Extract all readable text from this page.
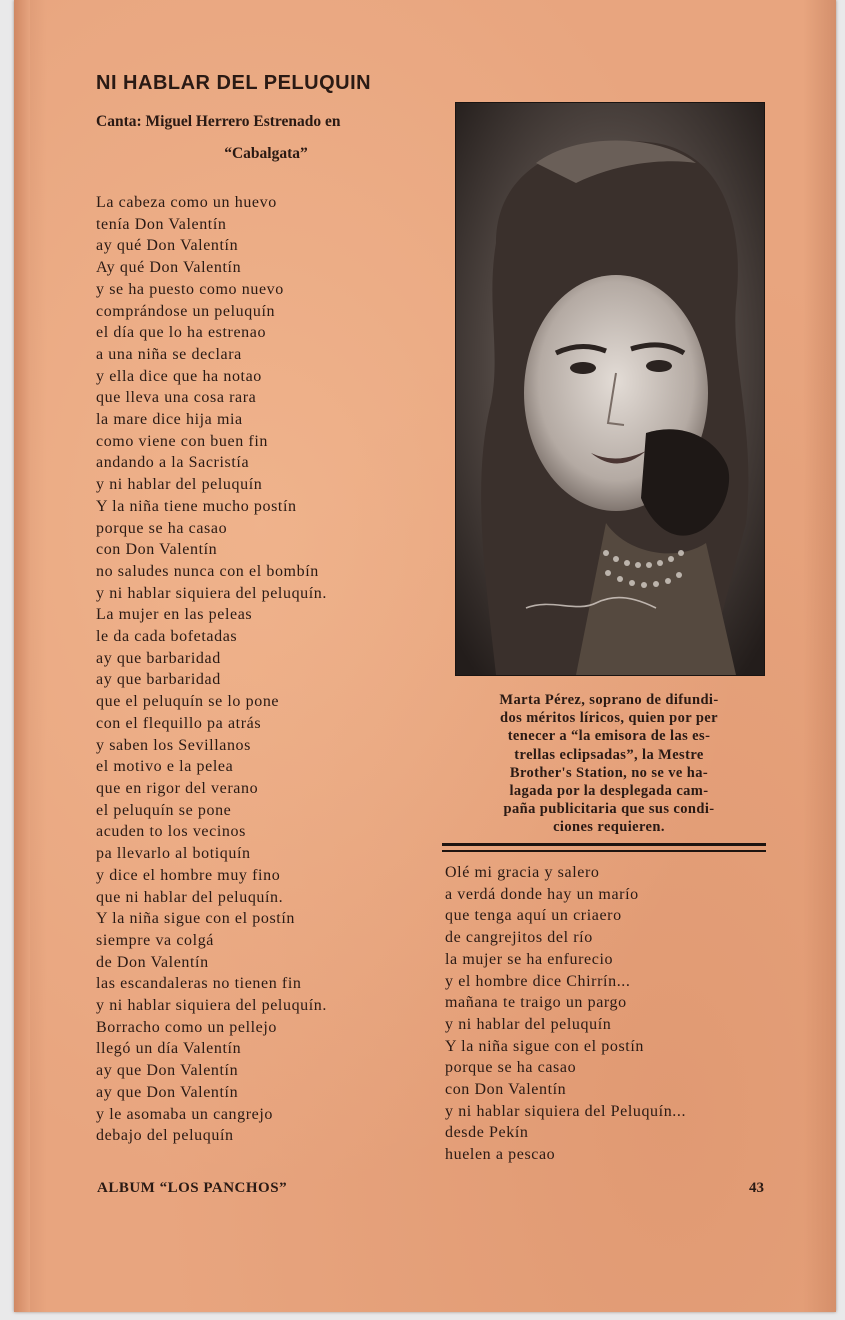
NI HABLAR DEL PELUQUIN
Canta: Miguel Herrero Estrenado en
“Cabalgata”
La cabeza como un huevo
tenía Don Valentín
ay qué Don Valentín
Ay qué Don Valentín
y se ha puesto como nuevo
comprándose un peluquín
el día que lo ha estrenao
a una niña se declara
y ella dice que ha notao
que lleva una cosa rara
la mare dice hija mia
como viene con buen fin
andando a la Sacristía
y ni hablar del peluquín
Y la niña tiene mucho postín
porque se ha casao
con Don Valentín
no saludes nunca con el bombín
y ni hablar siquiera del peluquín.
La mujer en las peleas
le da cada bofetadas
ay que barbaridad
ay que barbaridad
que el peluquín se lo pone
con el flequillo pa atrás
y saben los Sevillanos
el motivo e la pelea
que en rigor del verano
el peluquín se pone
acuden to los vecinos
pa llevarlo al botiquín
y dice el hombre muy fino
que ni hablar del peluquín.
Y la niña sigue con el postín
siempre va colgá
de Don Valentín
las escandaleras no tienen fin
y ni hablar siquiera del peluquín.
Borracho como un pellejo
llegó un día Valentín
ay que Don Valentín
ay que Don Valentín
y le asomaba un cangrejo
debajo del peluquín
Marta Pérez, soprano de difundi-
dos méritos líricos, quien por per
tenecer a “la emisora de las es-
trellas eclipsadas”, la Mestre
Brother's Station, no se ve ha-
lagada por la desplegada cam-
paña publicitaria que sus condi-
ciones requieren.
Olé mi gracia y salero
a verdá donde hay un marío
que tenga aquí un criaero
de cangrejitos del río
la mujer se ha enfurecio
y el hombre dice Chirrín...
mañana te traigo un pargo
y ni hablar del peluquín
Y la niña sigue con el postín
porque se ha casao
con Don Valentín
y ni hablar siquiera del Peluquín...
desde Pekín
huelen a pescao
ALBUM “LOS PANCHOS”	43
